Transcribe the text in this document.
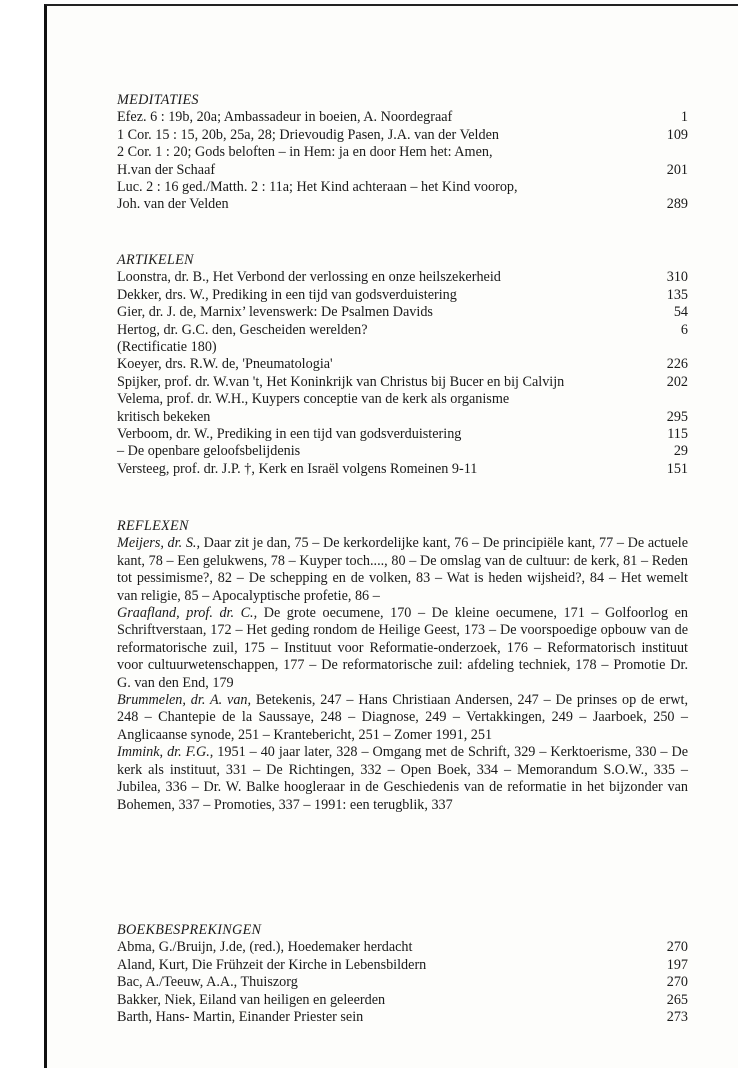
MEDITATIES
Efez. 6 : 19b, 20a; Ambassadeur in boeien, A. Noordegraaf	1
1 Cor. 15 : 15, 20b, 25a, 28; Drievoudig Pasen, J.A. van der Velden	109
2 Cor. 1 : 20; Gods beloften – in Hem: ja en door Hem het: Amen,
H.van der Schaaf	201
Luc. 2 : 16 ged./Matth. 2 : 11a; Het Kind achteraan – het Kind voorop,
Joh. van der Velden	289
ARTIKELEN
Loonstra, dr. B., Het Verbond der verlossing en onze heilszekerheid	310
Dekker, drs. W., Prediking in een tijd van godsverduistering	135
Gier, dr. J. de, Marnix’ levenswerk: De Psalmen Davids	54
Hertog, dr. G.C. den, Gescheiden werelden?	6
(Rectificatie 180)
Koeyer, drs. R.W. de, 'Pneumatologia'	226
Spijker, prof. dr. W.van 't, Het Koninkrijk van Christus bij Bucer en bij Calvijn	202
Velema, prof. dr. W.H., Kuypers conceptie van de kerk als organisme
kritisch bekeken	295
Verboom, dr. W., Prediking in een tijd van godsverduistering	115
– De openbare geloofsbelijdenis	29
Versteeg, prof. dr. J.P. †, Kerk en Israël volgens Romeinen 9-11	151
REFLEXEN

Meijers, dr. S., Daar zit je dan, 75 – De kerkordelijke kant, 76 – De principiële kant, 77 – De actuele kant, 78 – Een gelukwens, 78 – Kuyper toch...., 80 – De omslag van de cultuur: de kerk, 81 – Reden tot pessimisme?, 82 – De schepping en de volken, 83 – Wat is heden wijsheid?, 84 – Het wemelt van religie, 85 – Apocalyptische profetie, 86 –

Graafland, prof. dr. C., De grote oecumene, 170 – De kleine oecumene, 171 – Golfoorlog en Schriftverstaan, 172 – Het geding rondom de Heilige Geest, 173 – De voorspoedige opbouw van de reformatorische zuil, 175 – Instituut voor Reformatie-onderzoek, 176 – Reformatorisch instituut voor cultuurwetenschappen, 177 – De reformatorische zuil: afdeling techniek, 178 – Promotie Dr. G. van den End, 179

Brummelen, dr. A. van, Betekenis, 247 – Hans Christiaan Andersen, 247 – De prinses op de erwt, 248 – Chantepie de la Saussaye, 248 – Diagnose, 249 – Vertakkingen, 249 – Jaarboek, 250 – Anglicaanse synode, 251 – Krantebericht, 251 – Zomer 1991, 251

Immink, dr. F.G., 1951 – 40 jaar later, 328 – Omgang met de Schrift, 329 – Kerktoerisme, 330 – De kerk als instituut, 331 – De Richtingen, 332 – Open Boek, 334 – Memorandum S.O.W., 335 – Jubilea, 336 – Dr. W. Balke hoogleraar in de Geschiedenis van de reformatie in het bijzonder van Bohemen, 337 – Promoties, 337 – 1991: een terugblik, 337

BOEKBESPREKINGEN
Abma, G./Bruijn, J.de, (red.), Hoedemaker herdacht	270
Aland, Kurt, Die Frühzeit der Kirche in Lebensbildern	197
Bac, A./Teeuw, A.A., Thuiszorg	270
Bakker, Niek, Eiland van heiligen en geleerden	265
Barth, Hans- Martin, Einander Priester sein	273
